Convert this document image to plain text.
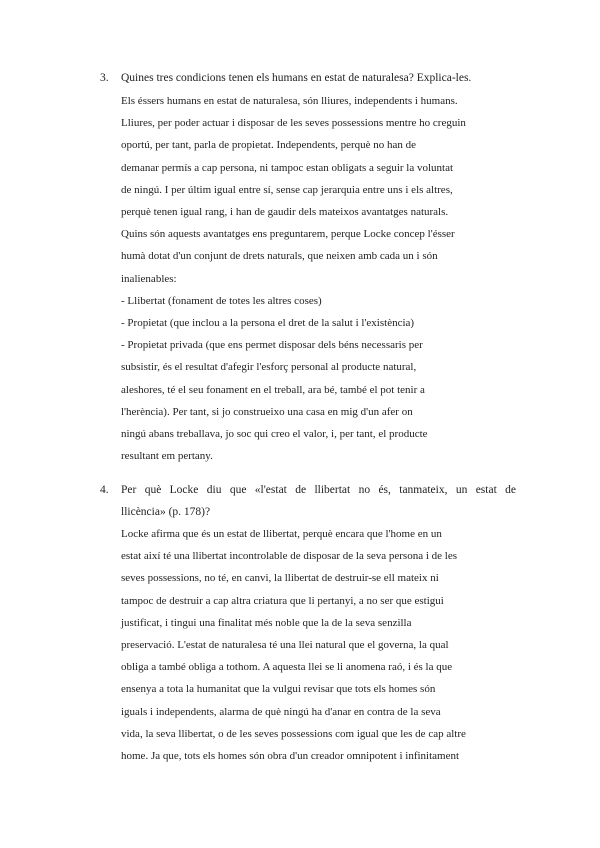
3.	Quines tres condicions tenen els humans en estat de naturalesa? Explica-les.

Els éssers humans en estat de naturalesa, són lliures, independents i humans.
Lliures, per poder actuar i disposar de les seves possessions mentre ho creguin
oportú, per tant, parla de propietat. Independents, perquè no han de
demanar permís a cap persona, ni tampoc estan obligats a seguir la voluntat
de ningú. I per últim igual entre sí, sense cap jerarquia entre uns i els altres,
perquè tenen igual rang, i han de gaudir dels mateixos avantatges naturals.
Quins són aquests avantatges ens preguntarem, perque Locke concep l'ésser
humà dotat d'un conjunt de drets naturals, que neixen amb cada un i són
inalienables:
- Llibertat (fonament de totes les altres coses)
- Propietat (que inclou a la persona el dret de la salut i l'existència)
- Propietat privada (que ens permet disposar dels béns necessaris per
subsistir, és el resultat d'afegir l'esforç personal al producte natural,
aleshores, té el seu fonament en el treball, ara bé, també el pot tenir a
l'herència). Per tant, si jo construeixo una casa en mig d'un afer on
ningú abans treballava, jo soc qui creo el valor, i, per tant, el producte
resultant em pertany.
4.	Per què Locke diu que «l'estat de llibertat no és, tanmateix, un estat de
llicència» (p. 178)?

Locke afirma que és un estat de llibertat, perquè encara que l'home en un
estat així té una llibertat incontrolable de disposar de la seva persona i de les
seves possessions, no té, en canvi, la llibertat de destruir-se ell mateix ni
tampoc de destruir a cap altra criatura que li pertanyi, a no ser que estigui
justificat, i tingui una finalitat més noble que la de la seva senzilla
preservació. L'estat de naturalesa té una llei natural que el governa, la qual
obliga a també obliga a tothom. A aquesta llei se li anomena raó, i és la que
ensenya a tota la humanitat que la vulgui revisar que tots els homes són
iguals i independents, alarma de què ningú ha d'anar en contra de la seva
vida, la seva llibertat, o de les seves possessions com igual que les de cap altre
home. Ja que, tots els homes són obra d'un creador omnipotent i infinitament
